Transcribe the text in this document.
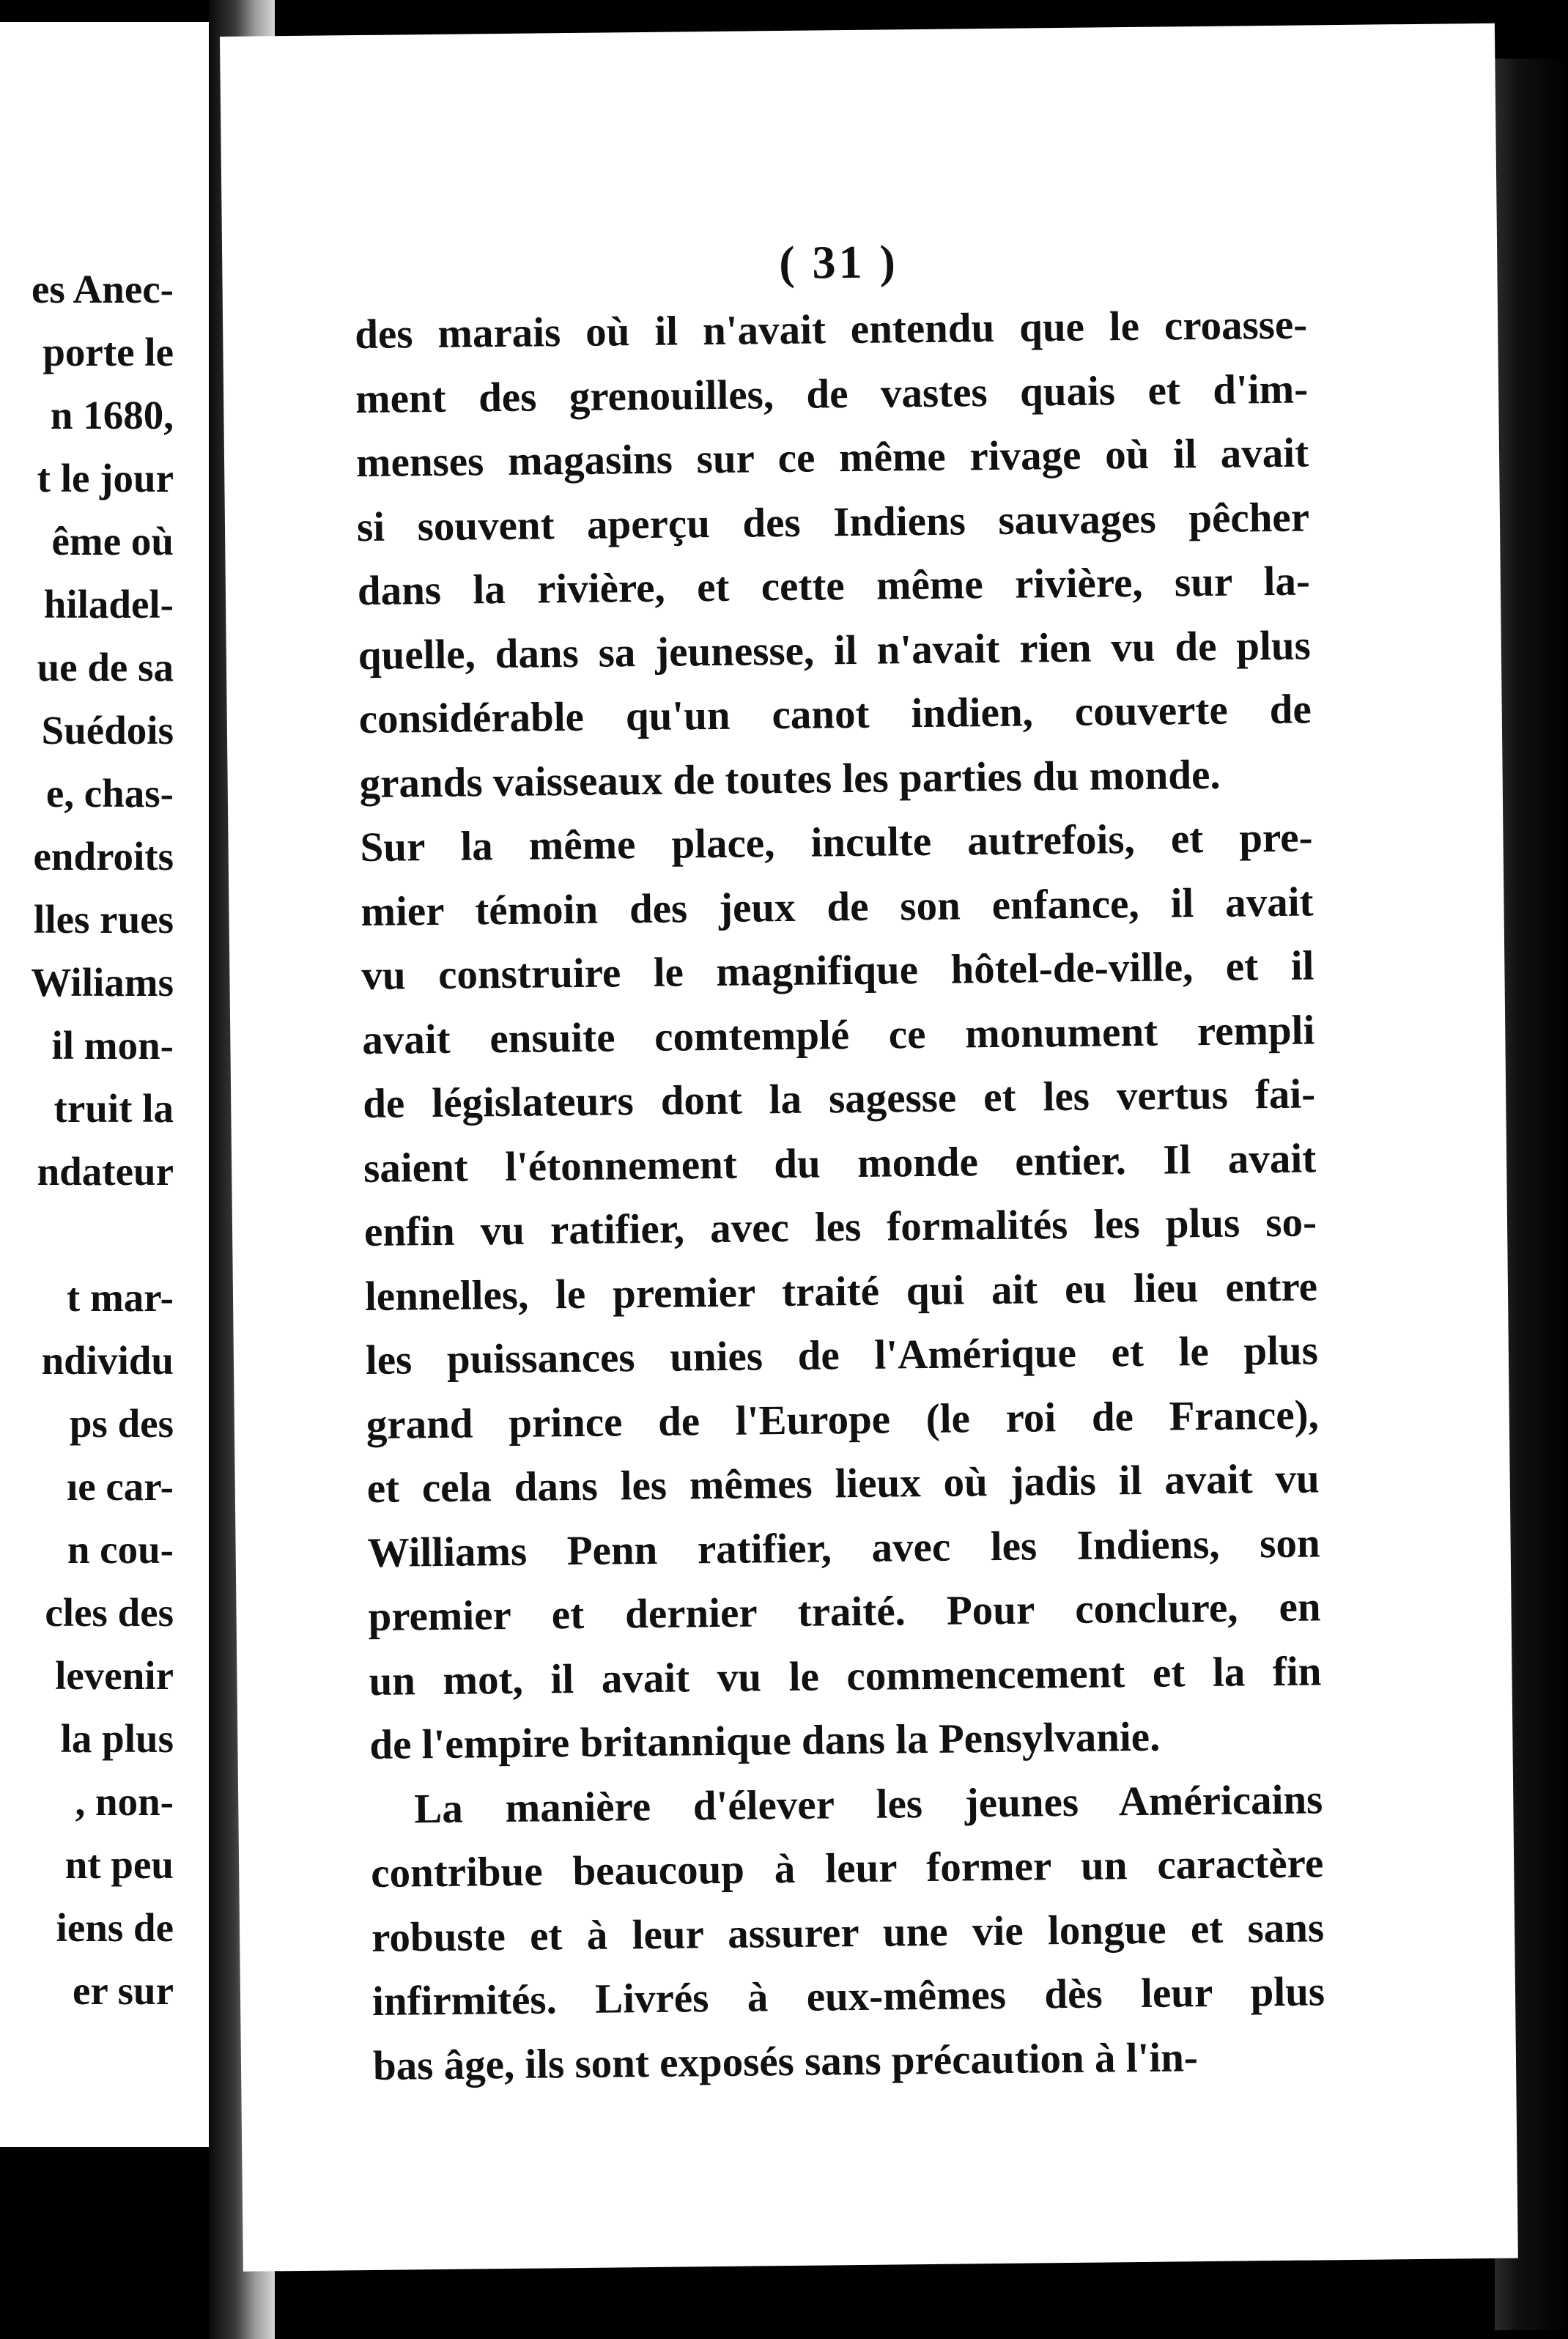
es Anec-
porte le
n 1680,
t le jour
ême où
hiladel-
ue de sa
Suédois
e, chas-
endroits
lles rues
Wiliams
il mon-
truit la
ndateur

t mar-
ndividu
ps des
ıe car-
n cou-
cles des
levenir
la plus
, non-
nt peu
iens de
er sur
( 31 )
des marais où il n'avait entendu que le croasse-
ment des grenouilles, de vastes quais et d'im-
menses magasins sur ce même rivage où il avait
si souvent aperçu des Indiens sauvages pêcher
dans la rivière, et cette même rivière, sur la-
quelle, dans sa jeunesse, il n'avait rien vu de plus
considérable qu'un canot indien, couverte de
grands vaisseaux de toutes les parties du monde.
Sur la même place, inculte autrefois, et pre-
mier témoin des jeux de son enfance, il avait
vu construire le magnifique hôtel-de-ville, et il
avait ensuite comtemplé ce monument rempli
de législateurs dont la sagesse et les vertus fai-
saient l'étonnement du monde entier. Il avait
enfin vu ratifier, avec les formalités les plus so-
lennelles, le premier traité qui ait eu lieu entre
les puissances unies de l'Amérique et le plus
grand prince de l'Europe (le roi de France),
et cela dans les mêmes lieux où jadis il avait vu
Williams Penn ratifier, avec les Indiens, son
premier et dernier traité. Pour conclure, en
un mot, il avait vu le commencement et la fin
de l'empire britannique dans la Pensylvanie.
La manière d'élever les jeunes Américains
contribue beaucoup à leur former un caractère
robuste et à leur assurer une vie longue et sans
infirmités. Livrés à eux-mêmes dès leur plus
bas âge, ils sont exposés sans précaution à l'in-
